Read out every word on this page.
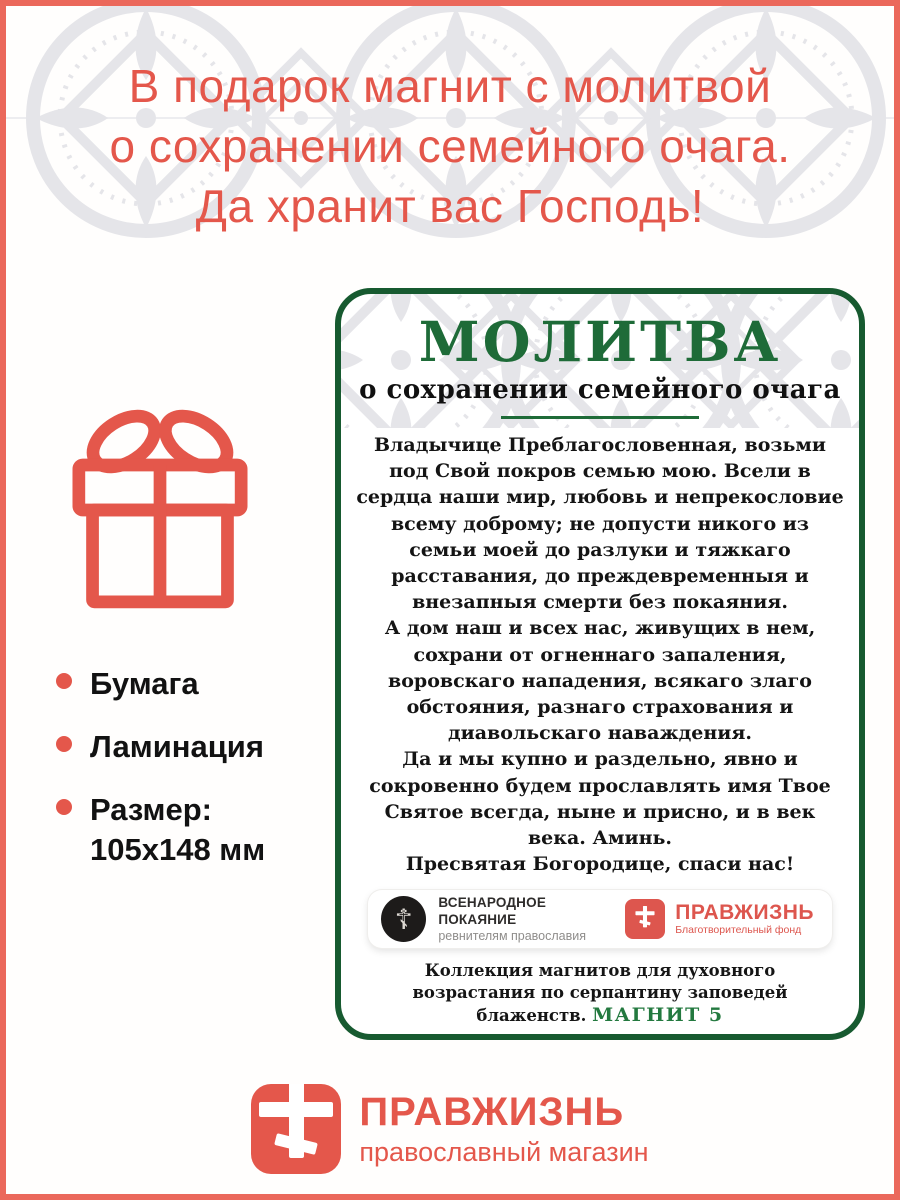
В подарок магнит с молитвой
о сохранении семейного очага.
Да хранит вас Господь!
Бумага
Ламинация
Размер:
105x148 мм
МОЛИТВА
о сохранении семейного очага
Владычице Преблагословенная, возьми
под Свой покров семью мою. Всели в
сердца наши мир, любовь и непрекословие
всему доброму; не допусти никого из
семьи моей до разлуки и тяжкаго
расставания, до преждевременныя и
внезапныя смерти без покаяния.
А дом наш и всех нас, живущих в нем,
сохрани от огненнаго запаления,
воровскаго нападения, всякаго злаго
обстояния, разнаго страхования и
диавольскаго наваждения.
Да и мы купно и раздельно, явно и
сокровенно будем прославлять имя Твое
Святое всегда, ныне и присно, и в век
века. Аминь.
Пресвятая Богородице, спаси нас!
☦
ВСЕНАРОДНОЕ ПОКАЯНИЕ
ревнителям православия
ПРАВЖИЗНЬ
Благотворительный фонд
Коллекция магнитов для духовного возрастания по серпантину заповедей блаженств. МАГНИТ 5
ПРАВЖИЗНЬ
православный магазин
